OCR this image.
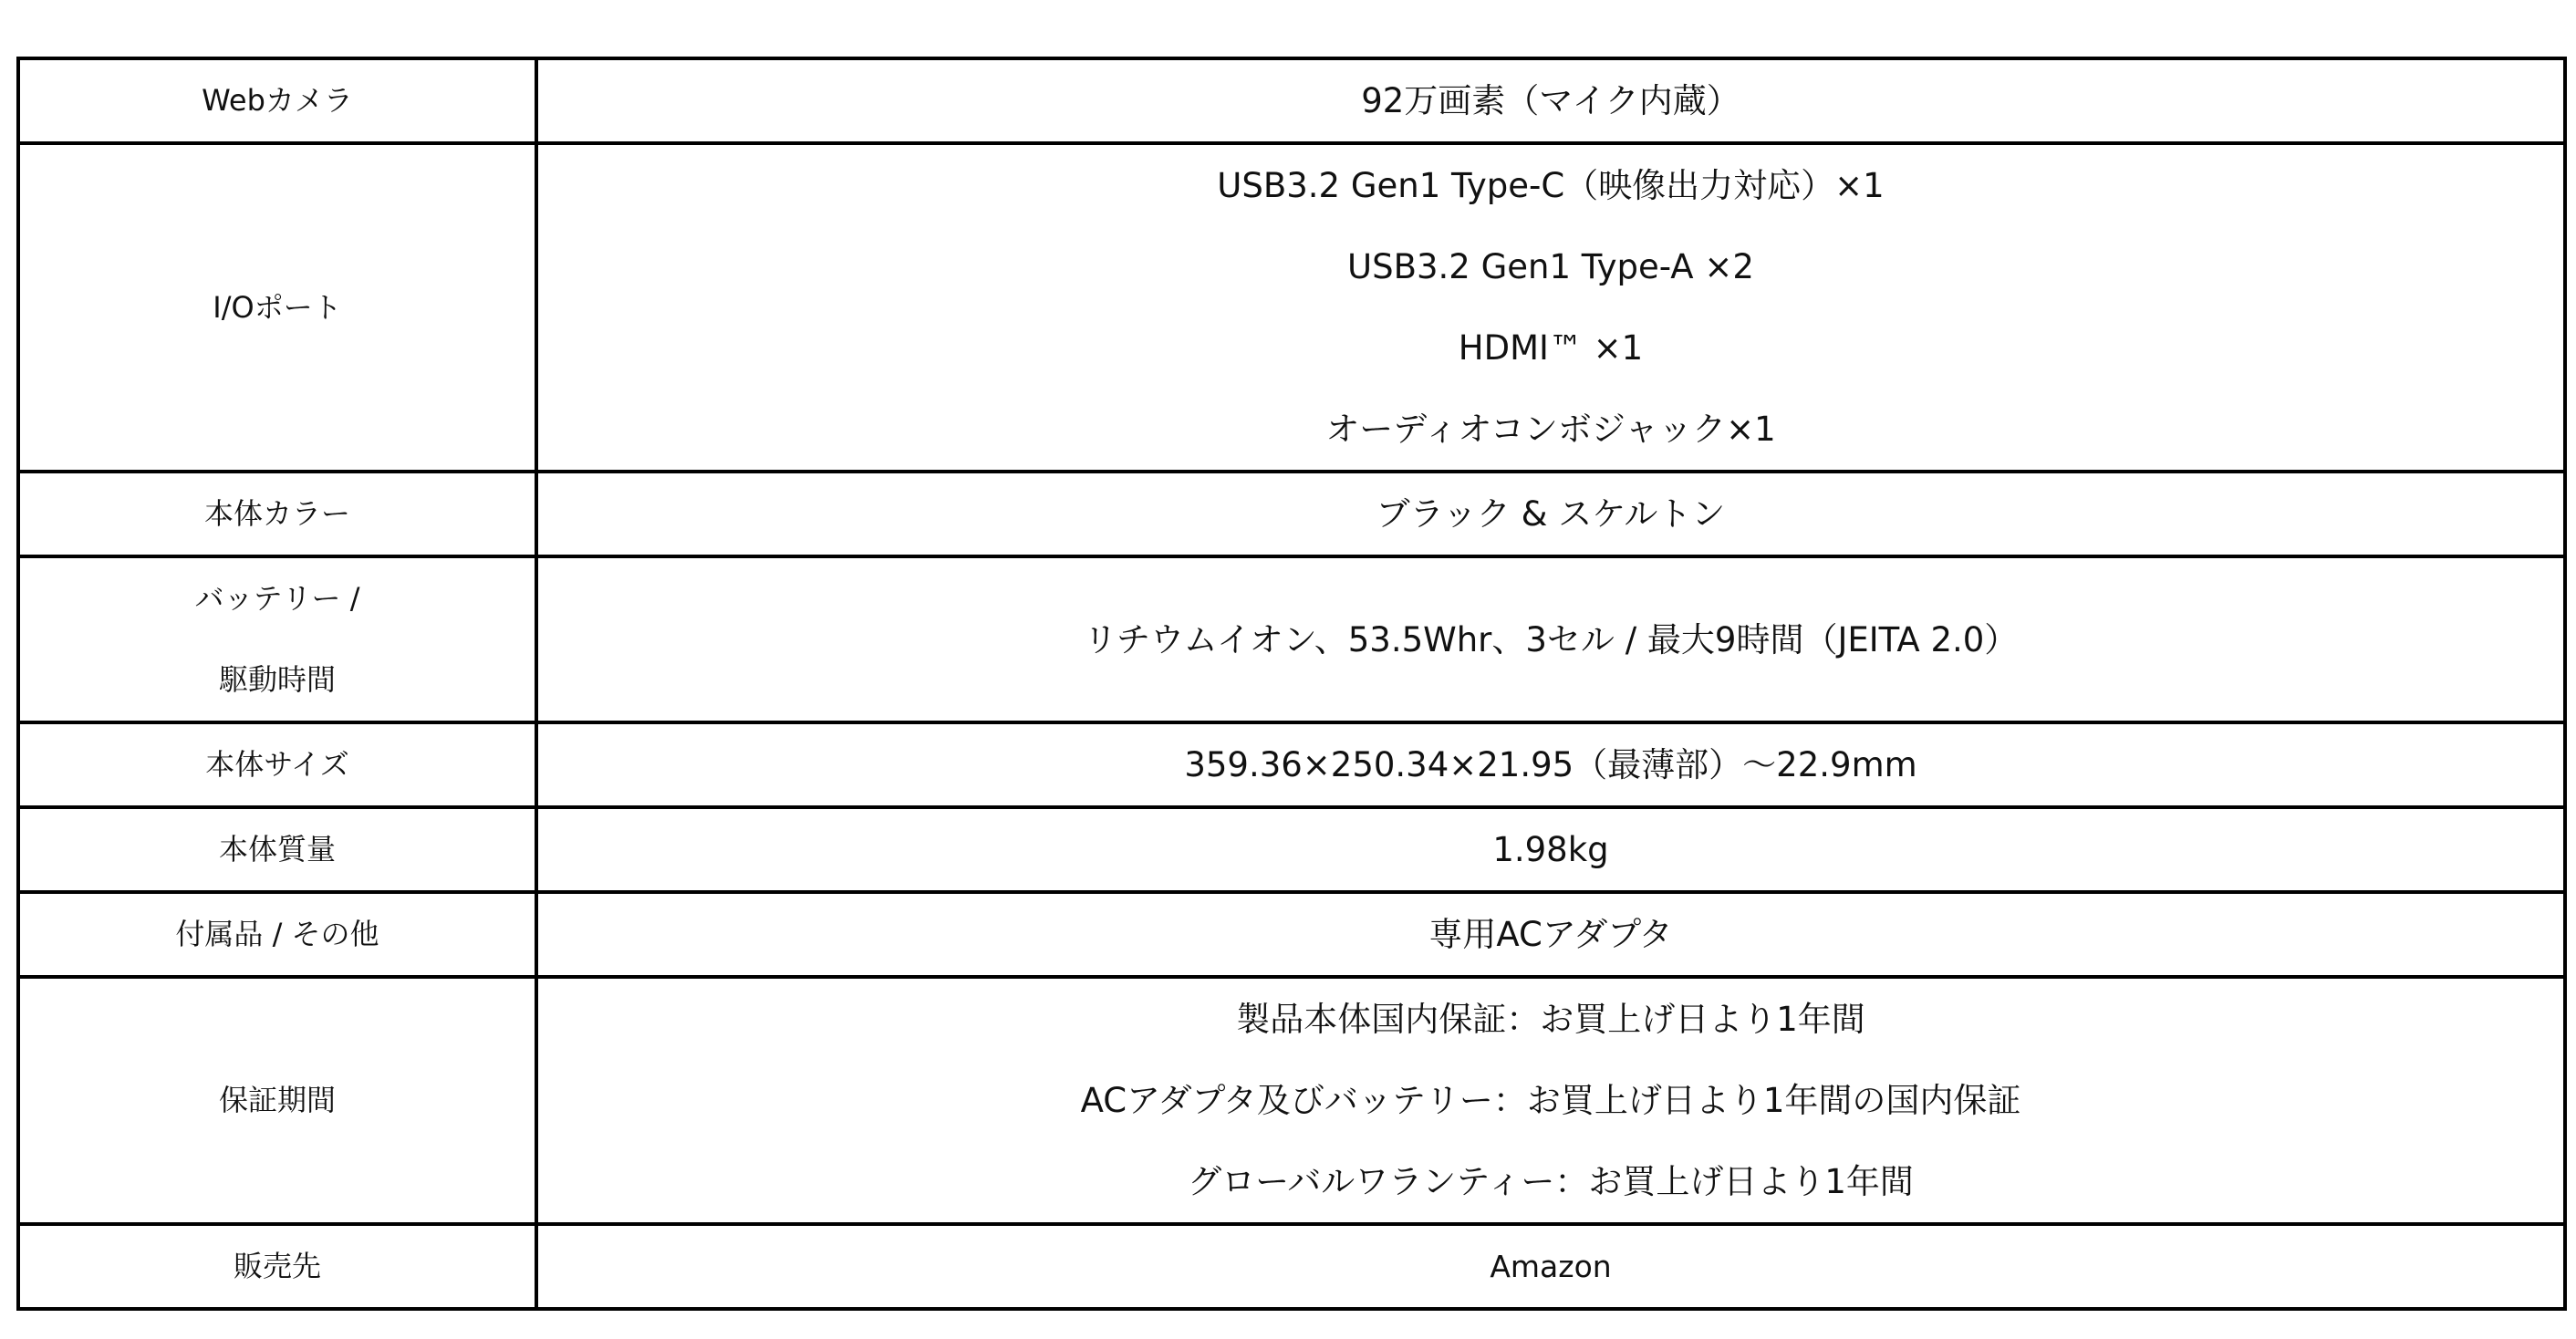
Webカメラ	92万画素（マイク内蔵）

I/Oポート	USB3.2 Gen1 Type-C（映像出力対応）×1
USB3.2 Gen1 Type-A ×2
HDMI™ ×1
オーディオコンボジャック×1

本体カラー	ブラック & スケルトン

バッテリー /
駆動時間	リチウムイオン、53.5Whr、3セル / 最大9時間（JEITA 2.0）

本体サイズ	359.36×250.34×21.95（最薄部）〜22.9mm

本体質量	1.98kg

付属品 / その他	専用ACアダプタ

保証期間	製品本体国内保証：お買上げ日より1年間
ACアダプタ及びバッテリー：お買上げ日より1年間の国内保証
グローバルワランティー：お買上げ日より1年間

販売先	Amazon
